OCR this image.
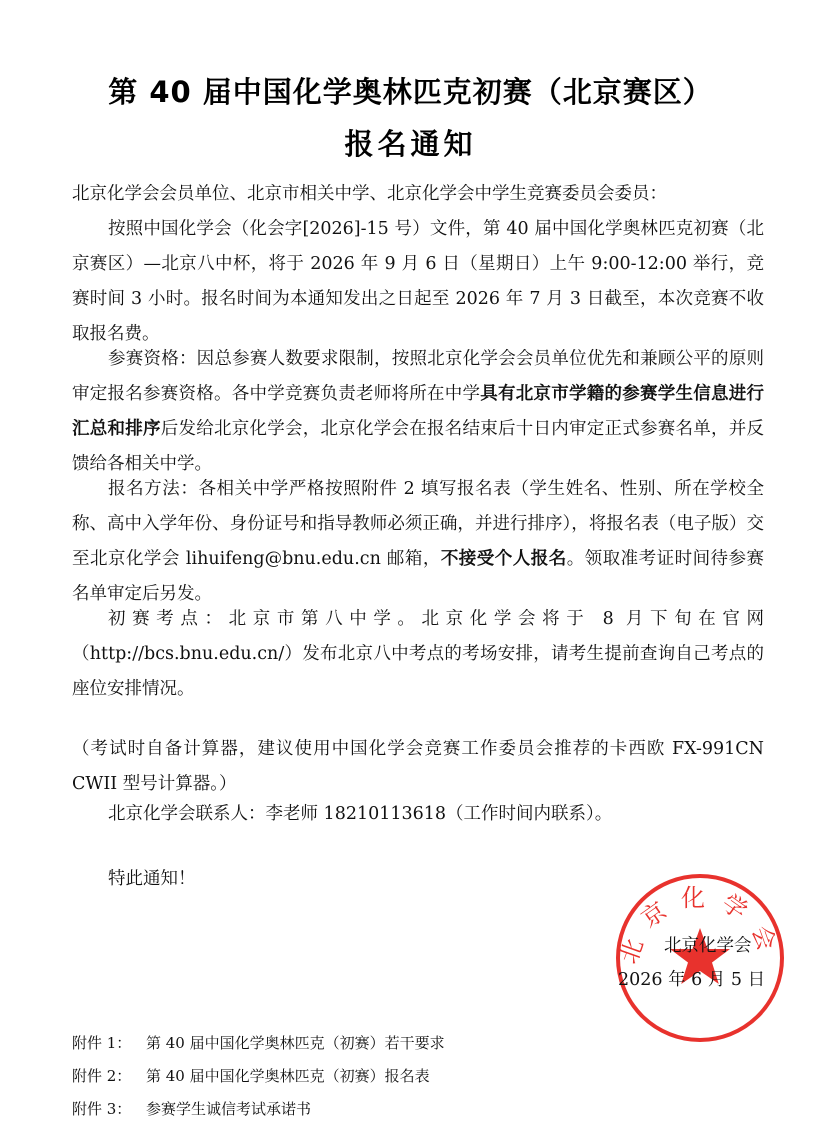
第 40 届中国化学奥林匹克初赛（北京赛区）
报名通知
北京化学会会员单位、北京市相关中学、北京化学会中学生竞赛委员会委员：
按照中国化学会（化会字[2026]-15 号）文件，第 40 届中国化学奥林匹克初赛（北京赛区）—北京八中杯，将于 2026 年 9 月 6 日（星期日）上午 9:00-12:00 举行，竞赛时间 3 小时。报名时间为本通知发出之日起至 2026 年 7 月 3 日截至，本次竞赛不收取报名费。
参赛资格：因总参赛人数要求限制，按照北京化学会会员单位优先和兼顾公平的原则审定报名参赛资格。各中学竞赛负责老师将所在中学具有北京市学籍的参赛学生信息进行汇总和排序后发给北京化学会，北京化学会在报名结束后十日内审定正式参赛名单，并反馈给各相关中学。
报名方法：各相关中学严格按照附件 2 填写报名表（学生姓名、性别、所在学校全称、高中入学年份、身份证号和指导教师必须正确，并进行排序），将报名表（电子版）交至北京化学会 lihuifeng@bnu.edu.cn 邮箱，不接受个人报名。领取准考证时间待参赛名单审定后另发。
初赛考点：北京市第八中学。北京化学会将于 8 月下旬在官网（http://bcs.bnu.edu.cn/）发布北京八中考点的考场安排，请考生提前查询自己考点的座位安排情况。
（考试时自备计算器，建议使用中国化学会竞赛工作委员会推荐的卡西欧 FX-991CN CWII 型号计算器。）
北京化学会联系人：李老师 18210113618（工作时间内联系）。
特此通知！
北京化学会
北京化学会
2026 年 6 月 5 日
附件 1： 第 40 届中国化学奥林匹克（初赛）若干要求
附件 2： 第 40 届中国化学奥林匹克（初赛）报名表
附件 3： 参赛学生诚信考试承诺书
